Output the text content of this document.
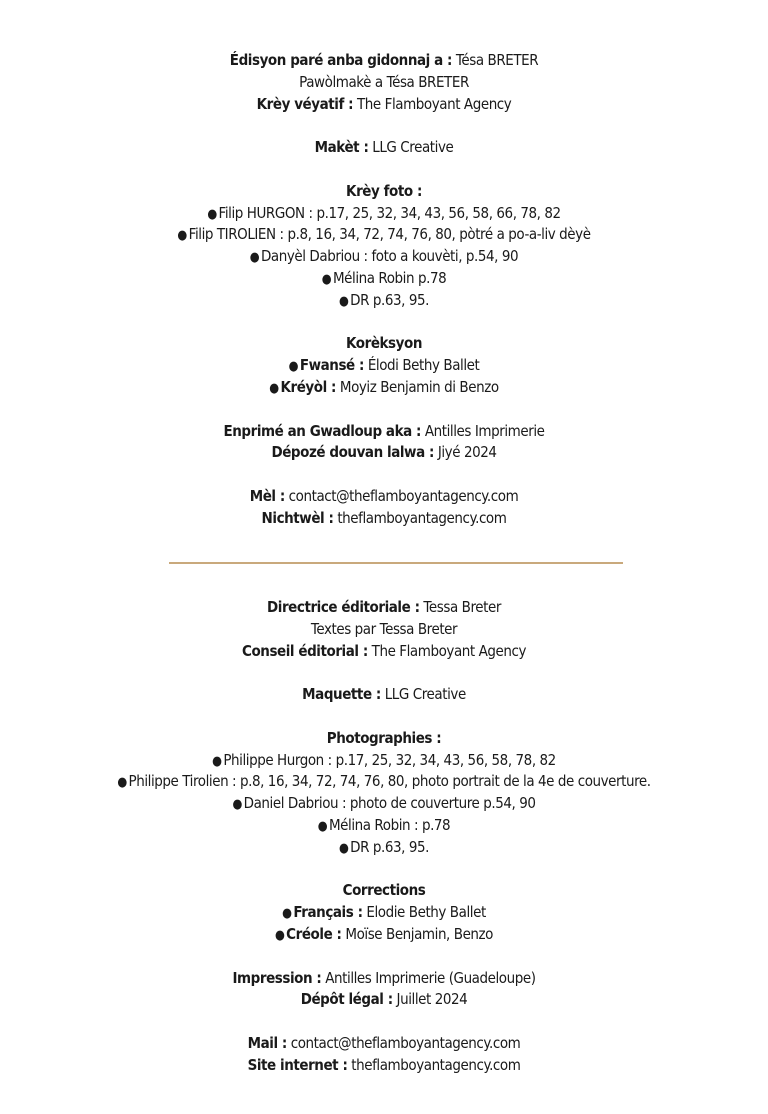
Édisyon paré anba gidonnaj a : Tésa BRETER
Pawòlmakè a Tésa BRETER
Krèy véyatif : The Flamboyant Agency
Makèt : LLG Creative
Krèy foto :
● Filip HURGON : p.17, 25, 32, 34, 43, 56, 58, 66, 78, 82
● Filip TIROLIEN : p.8, 16, 34, 72, 74, 76, 80, pòtré a po-a-liv dèyè
● Danyèl Dabriou : foto a kouvèti, p.54, 90
● Mélina Robin p.78
● DR p.63, 95.
Korèksyon
● Fwansé : Élodi Bethy Ballet
● Kréyòl : Moyiz Benjamin di Benzo
Enprimé an Gwadloup aka : Antilles Imprimerie
Dépozé douvan lalwa : Jiyé 2024
Mèl : contact@theflamboyantagency.com
Nichtwèl : theflamboyantagency.com
Directrice éditoriale : Tessa Breter
Textes par Tessa Breter
Conseil éditorial : The Flamboyant Agency
Maquette : LLG Creative
Photographies :
● Philippe Hurgon : p.17, 25, 32, 34, 43, 56, 58, 78, 82
● Philippe Tirolien : p.8, 16, 34, 72, 74, 76, 80, photo portrait de la 4e de couverture.
● Daniel Dabriou : photo de couverture p.54, 90
● Mélina Robin : p.78
● DR p.63, 95.
Corrections
● Français : Elodie Bethy Ballet
● Créole : Moïse Benjamin, Benzo
Impression : Antilles Imprimerie (Guadeloupe)
Dépôt légal : Juillet 2024
Mail : contact@theflamboyantagency.com
Site internet : theflamboyantagency.com
